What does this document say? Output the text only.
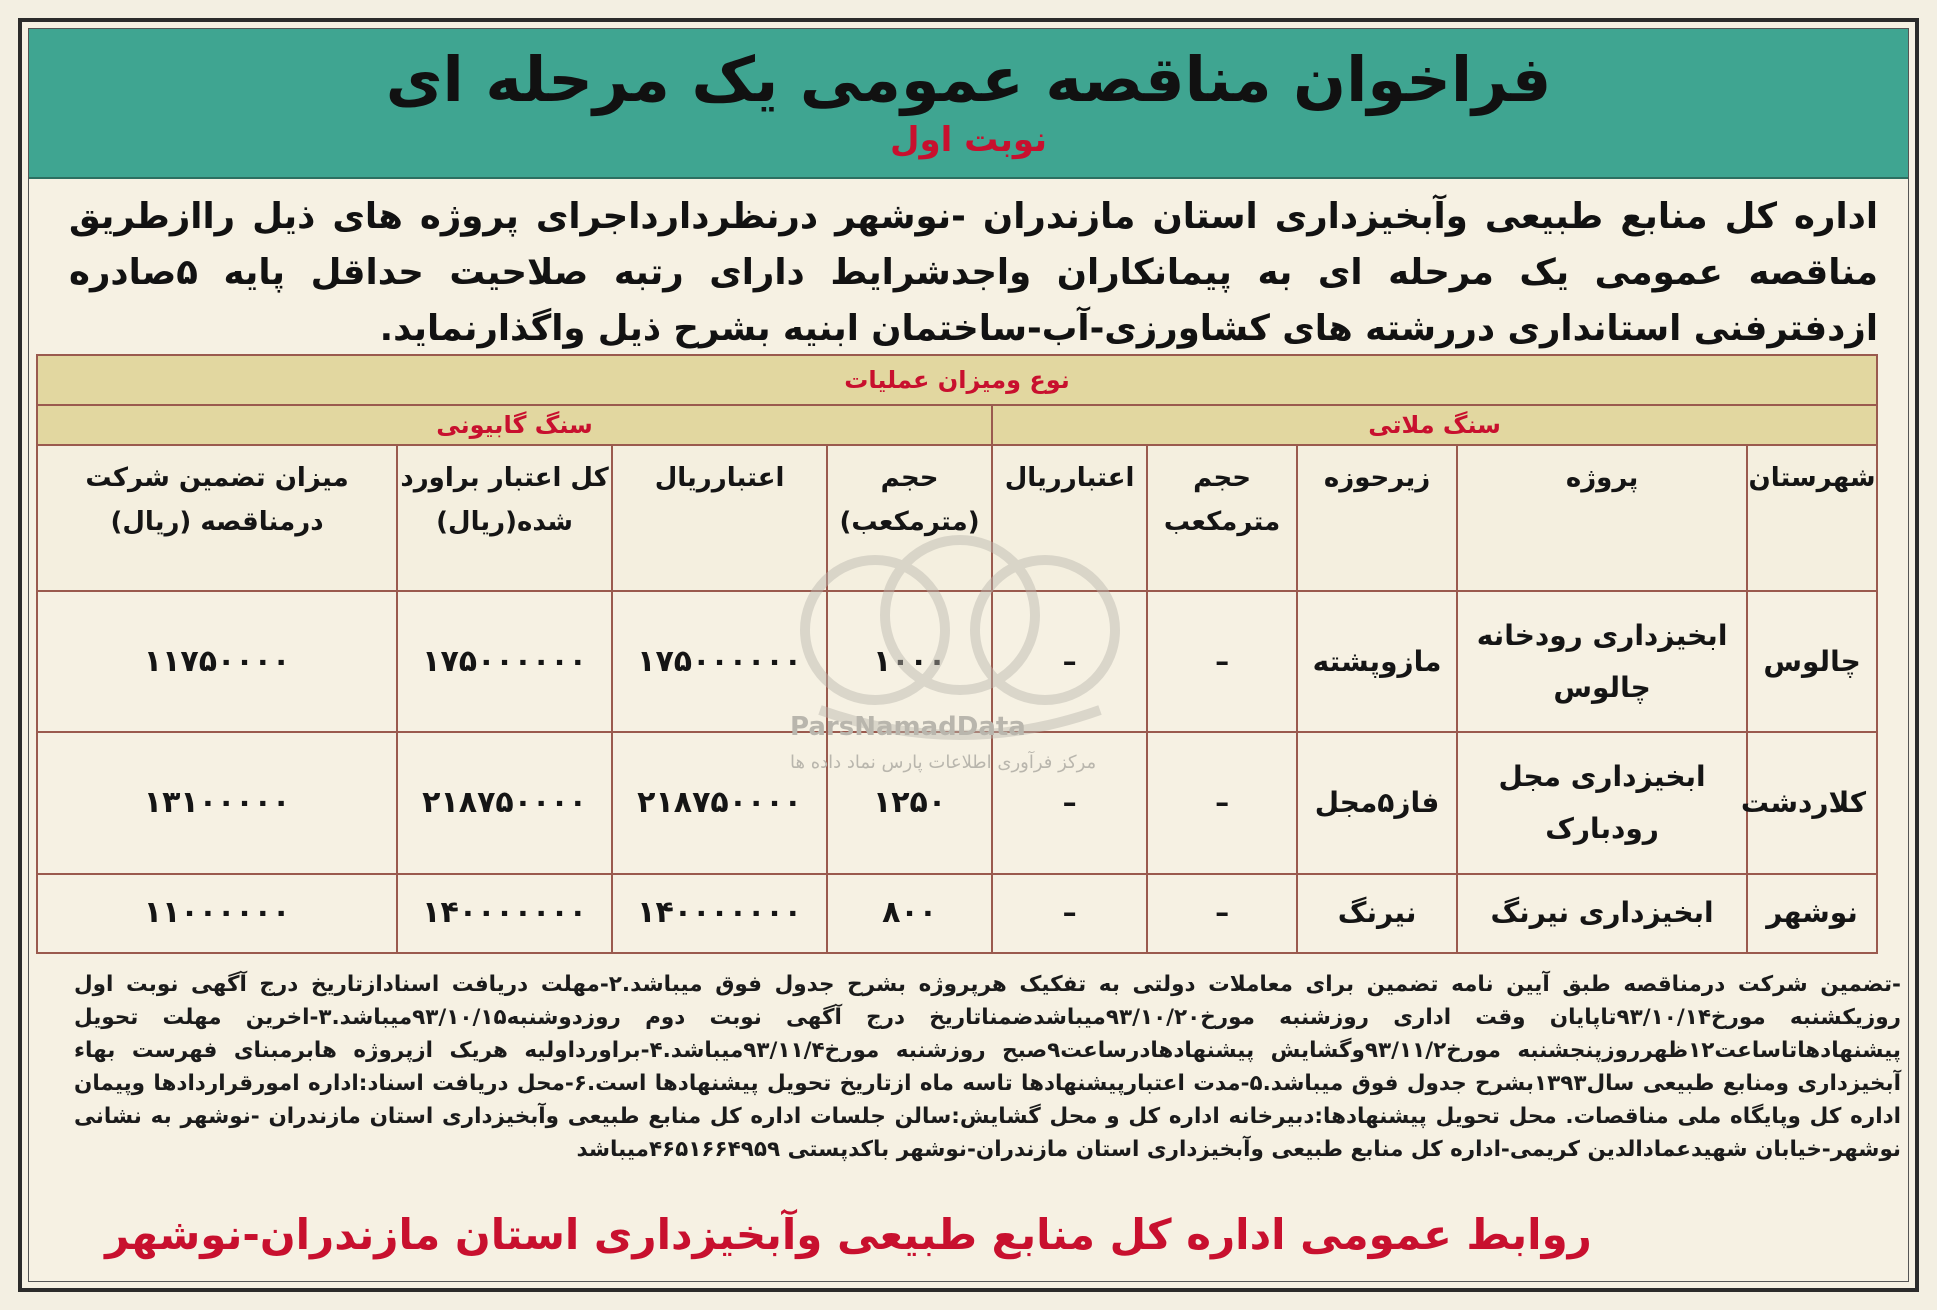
فراخوان مناقصه عمومی یک مرحله ای
نوبت اول
اداره کل منابع طبیعی وآبخیزداری استان مازندران -نوشهر درنظرداردا‌جرای پروژه های ذیل راازطریق مناقصه عمومی یک مرحله ای به پیمانکاران واجدشرایط دارای رتبه صلاحیت حداقل پایه ۵صادره ازدفترفنی استانداری دررشته های کشاورزی-آب-ساختمان ابنیه بشرح ذیل واگذارنماید.
نوع ومیزان عملیات								
سنگ ملاتی					سنگ گابیونی			
شهرستان	پروژه	زیرحوزه	حجم مترمکعب	اعتبارریال	حجم (مترمکعب)	اعتبارریال	کل اعتبار براورد شده(ریال)	میزان تضمین شرکت درمناقصه (ریال)
چالوس	ابخیزداری رودخانه چالوس	مازوپشته	–	–	۱۰۰۰	۱۷۵۰۰۰۰۰۰	۱۷۵۰۰۰۰۰۰	۱۱۷۵۰۰۰۰
کلاردشت	ابخیزداری مجل رودبارک	فاز۵مجل	–	–	۱۲۵۰	۲۱۸۷۵۰۰۰۰	۲۱۸۷۵۰۰۰۰	۱۳۱۰۰۰۰۰
نوشهر	ابخیزداری نیرنگ	نیرنگ	–	–	۸۰۰	۱۴۰۰۰۰۰۰۰	۱۴۰۰۰۰۰۰۰	۱۱۰۰۰۰۰۰
ParsNamadData
مرکز فرآوری اطلاعات پارس نماد داده ها
-تضمین شرکت درمناقصه طبق آیین نامه تضمین برای معاملات دولتی به تفکیک هرپروژه بشرح جدول فوق میباشد.۲-مهلت دریافت اسنادازتاریخ درج آگهی نوبت اول روزیکشنبه مورخ۹۳/۱۰/۱۴تاپایان وقت اداری روزشنبه مورخ۹۳/۱۰/۲۰میباشدضمناتاریخ درج آگهی نوبت دوم روزدوشنبه۹۳/۱۰/۱۵میباشد.۳-اخرین مهلت تحویل پیشنهادهاتاساعت۱۲ظهرروزپنجشنبه مورخ۹۳/۱۱/۲وگشایش پیشنهادهادرساعت۹صبح روزشنبه مورخ۹۳/۱۱/۴میباشد.۴-براوردا‌ولیه هریک ازپروژه هابرمبنای فهرست بهاء آبخیزداری ومنابع طبیعی سال۱۳۹۳بشرح جدول فوق میباشد.۵-مدت اعتبارپیشنهادها تاسه ماه ازتاریخ تحویل پیشنهادها است.۶-محل دریافت اسناد:اداره امورقراردادها وپیمان اداره کل وپایگاه ملی مناقصات. محل تحویل پیشنهادها:دبیرخانه اداره کل و محل گشایش:سالن جلسات اداره کل منابع طبیعی وآبخیزداری استان مازندران -نوشهر به نشانی نوشهر-خیابان شهیدعمادالدین کریمی-اداره کل منابع طبیعی وآبخیزداری استان مازندران-نوشهر باکدپستی ۴۶۵۱۶۶۴۹۵۹میباشد
روابط عمومی اداره کل منابع طبیعی وآبخیزداری استان مازندران-نوشهر
